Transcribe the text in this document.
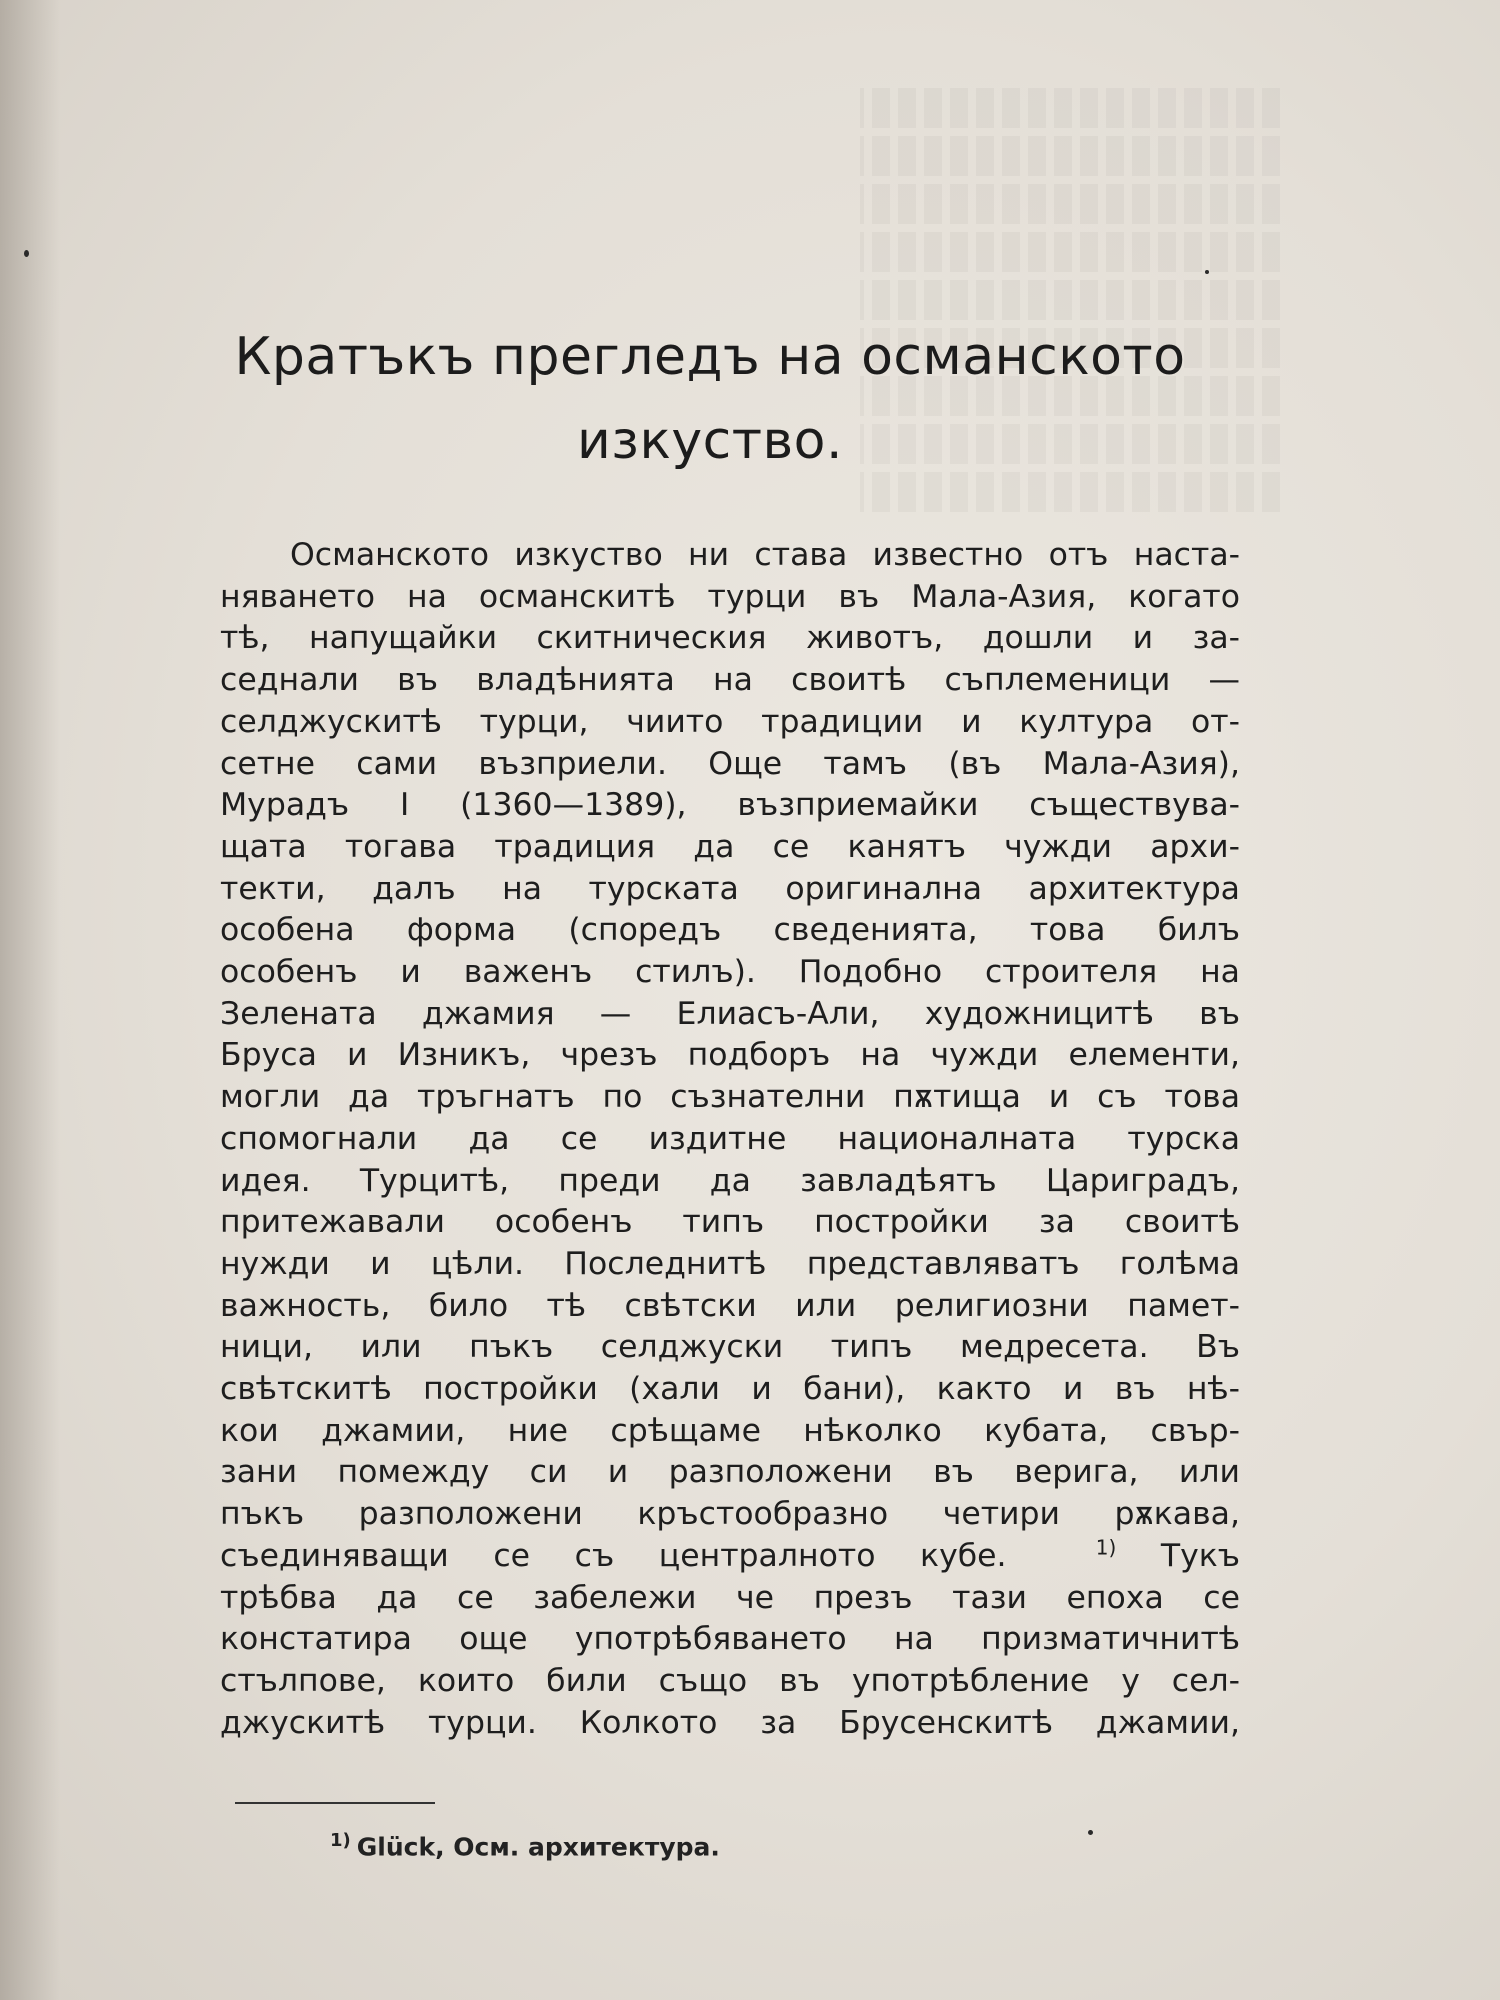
Кратъкъ прегледъ на османското
изкуство.
Османското изкуство ни става известно отъ наста-
няването на османскитѣ турци въ Мала-Азия, когато
тѣ, напущайки скитническия животъ, дошли и за-
седнали въ владѣнията на своитѣ съплеменици —
селджускитѣ турци, чиито традиции и култура от-
сетне сами възприели. Още тамъ (въ Мала-Азия),
Мурадъ I (1360—1389), възприемайки съществува-
щата тогава традиция да се канятъ чужди архи-
текти, далъ на турската оригинална архитектура
особена форма (споредъ сведенията, това билъ
особенъ и важенъ стилъ). Подобно строителя на
Зелената джамия — Елиасъ-Али, художницитѣ въ
Бруса и Изникъ, чрезъ подборъ на чужди елементи,
могли да тръгнатъ по съзнателни пѫтища и съ това
спомогнали да се издитне националната турска
идея. Турцитѣ, преди да завладѣятъ Цариградъ,
притежавали особенъ типъ постройки за своитѣ
нужди и цѣли. Последнитѣ представляватъ голѣма
важность, било тѣ свѣтски или религиозни памет-
ници, или пъкъ селджуски типъ медресета. Въ
свѣтскитѣ постройки (хали и бани), както и въ нѣ-
кои джамии, ние срѣщаме нѣколко кубата, свър-
зани помежду си и разположени въ верига, или
пъкъ разположени кръстообразно четири рѫкава,
съединяващи се съ централното кубе.	$^{1)}$ Тукъ
трѣбва да се забележи че презъ тази епоха се
констатира още употрѣбяването на призматичнитѣ
стълпове, които били също въ употрѣбление у сел-
джускитѣ турци. Колкото за Брусенскитѣ джамии,
$^{1)}$ Glück, Осм. архитектура.
